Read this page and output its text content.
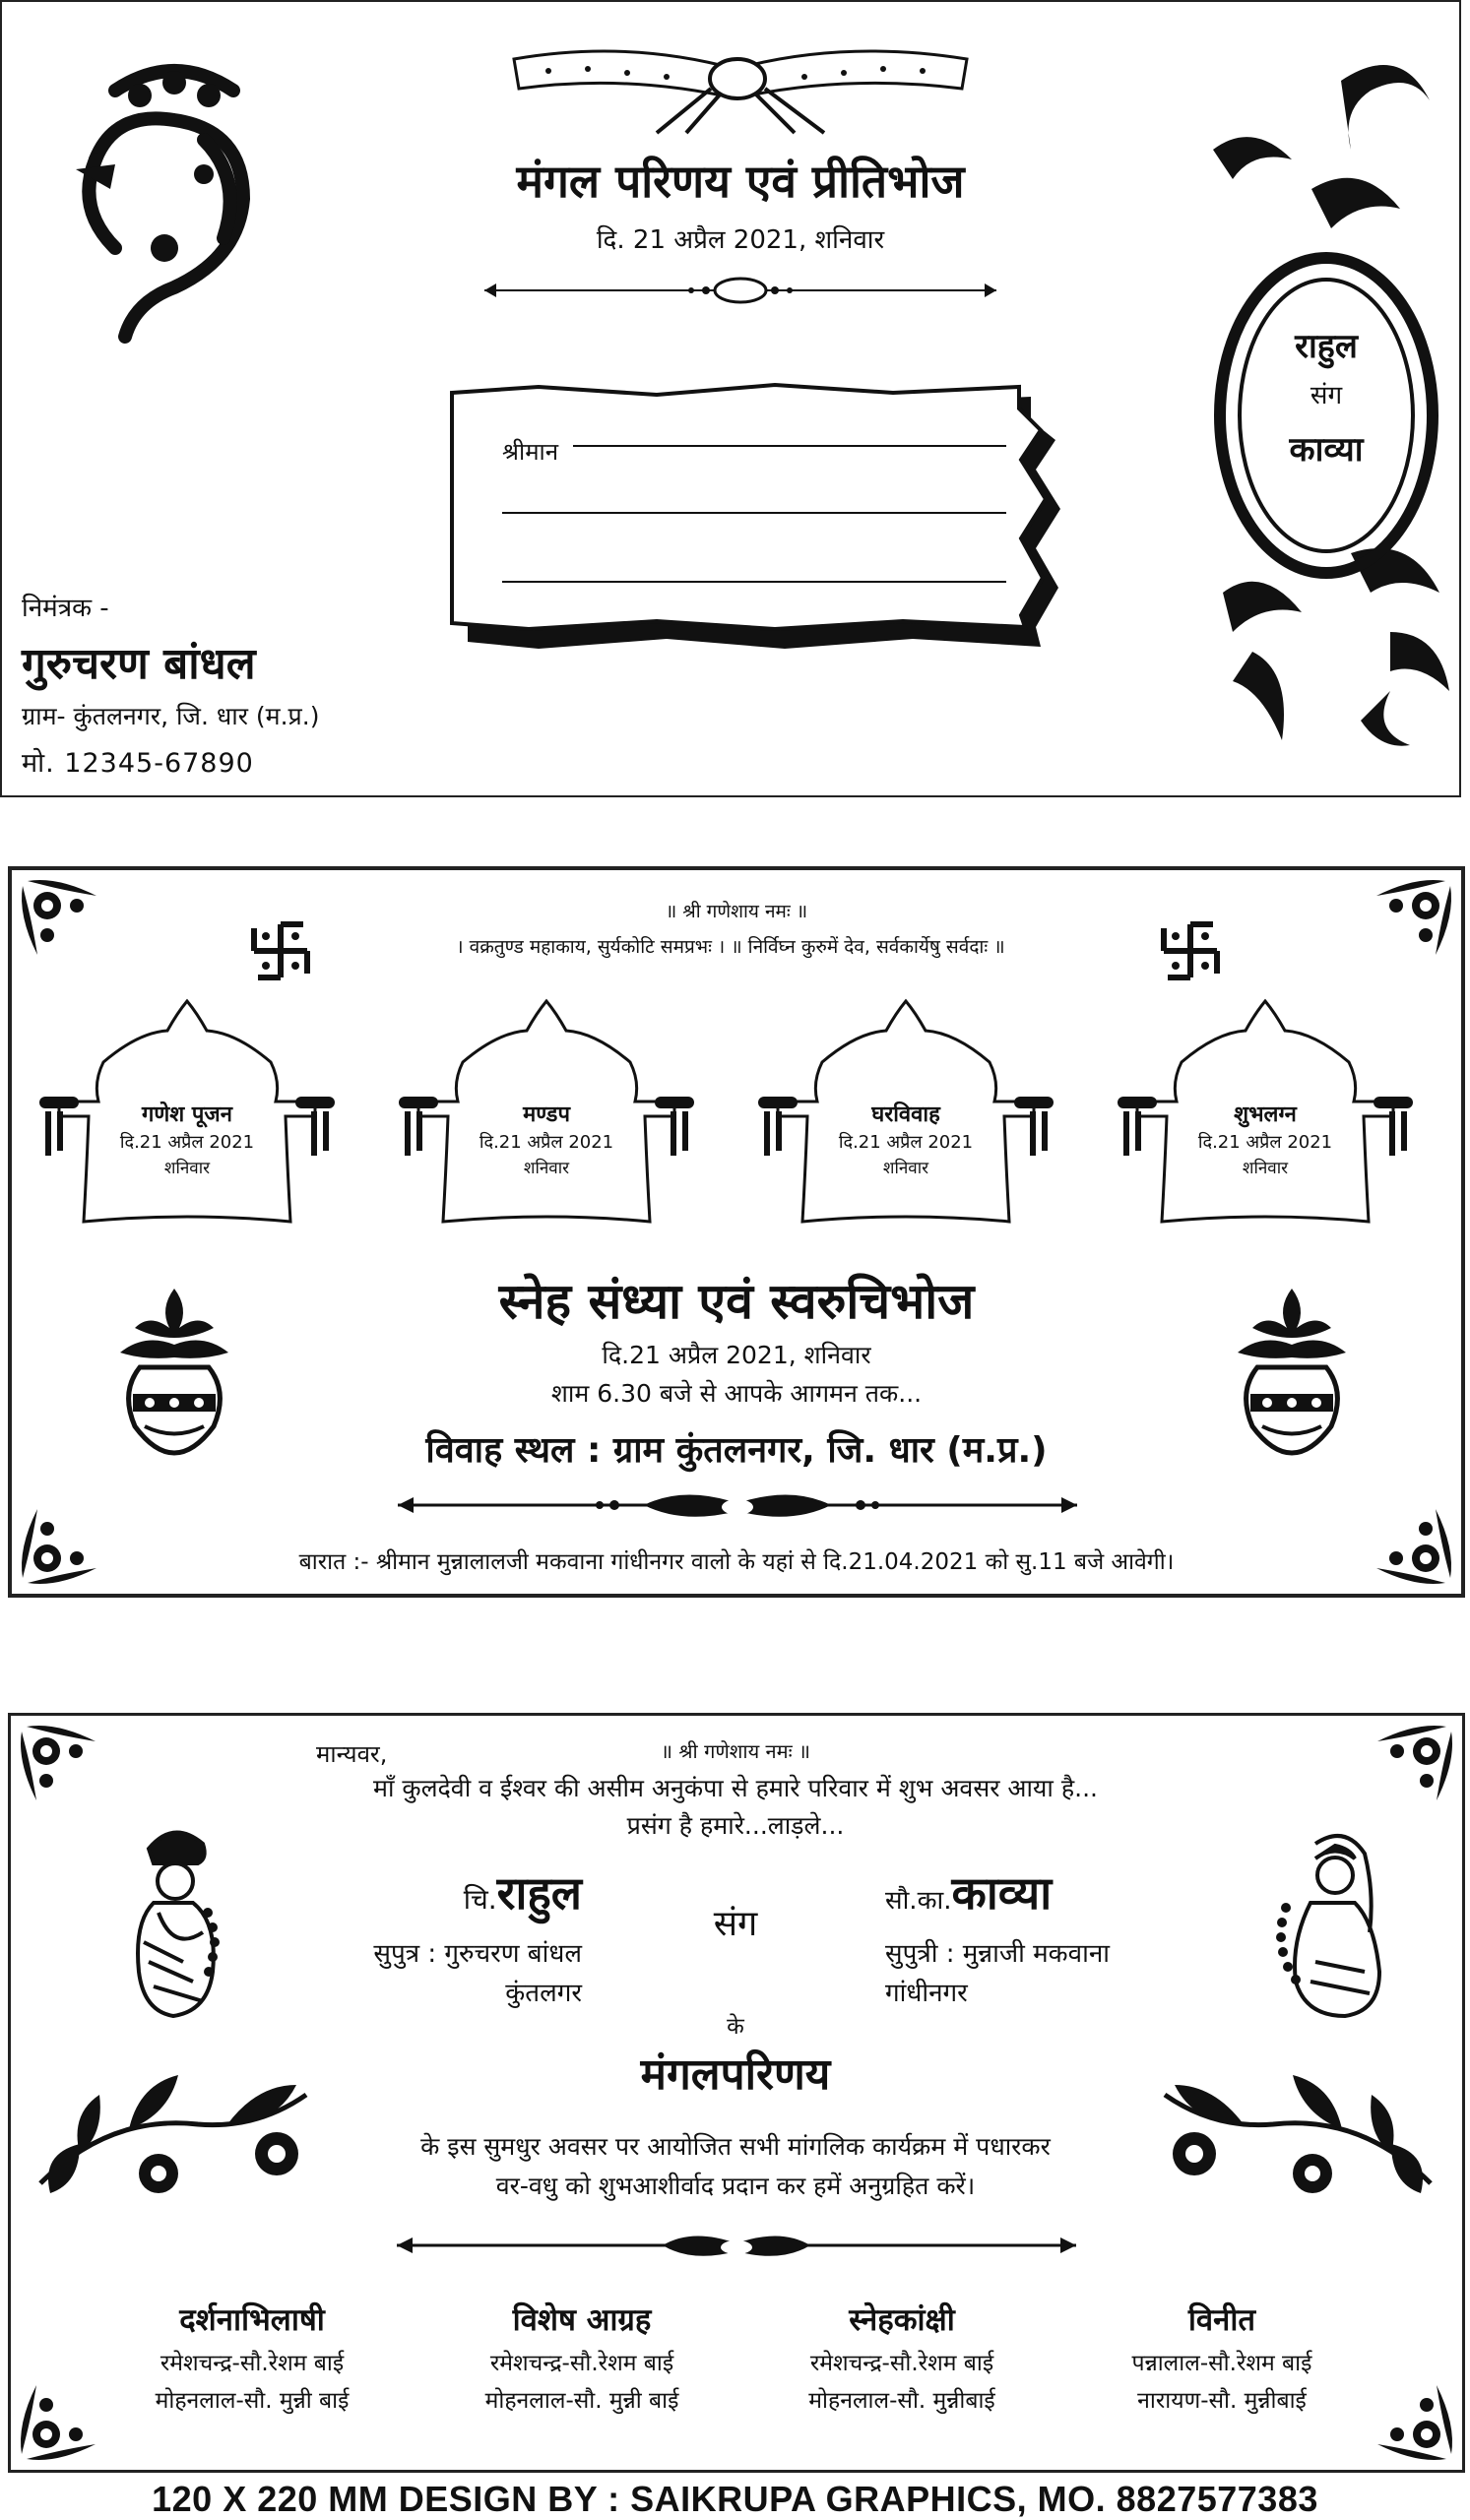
मंगल परिणय एवं प्रीतिभोज
दि. 21 अप्रैल 2021, शनिवार
श्रीमान
राहुल
संग
काव्या
निमंत्रक -
गुरुचरण बांधल
ग्राम- कुंतलनगर, जि. धार (म.प्र.)
मो. 12345-67890
॥ श्री गणेशाय नमः ॥
। वक्रतुण्ड महाकाय, सुर्यकोटि समप्रभः । ॥ निर्विघ्न कुरुमें देव, सर्वकार्येषु सर्वदाः ॥
गणेश पूजन
दि.21 अप्रैल 2021
शनिवार
मण्डप
दि.21 अप्रैल 2021
शनिवार
घरविवाह
दि.21 अप्रैल 2021
शनिवार
शुभलग्न
दि.21 अप्रैल 2021
शनिवार
स्नेह संध्या एवं स्वरुचिभोज
दि.21 अप्रैल 2021, शनिवार
शाम 6.30 बजे से आपके आगमन तक...
विवाह स्थल : ग्राम कुंतलनगर, जि. धार (म.प्र.)
बारात :- श्रीमान मुन्नालालजी मकवाना गांधीनगर वालो के यहां से दि.21.04.2021 को सु.11 बजे आवेगी।
मान्यवर,	॥ श्री गणेशाय नमः ॥
माँ कुलदेवी व ईश्वर की असीम अनुकंपा से हमारे परिवार में शुभ अवसर आया है...
प्रसंग है हमारे...लाड़ले...
चि.राहुल
सुपुत्र : गुरुचरण बांधल
कुंतलगर
संग
सौ.का.काव्या
सुपुत्री : मुन्नाजी मकवाना
गांधीनगर
के
मंगलपरिणय
के इस सुमधुर अवसर पर आयोजित सभी मांगलिक कार्यक्रम में पधारकर
वर-वधु को शुभआशीर्वाद प्रदान कर हमें अनुग्रहित करें।
दर्शनाभिलाषी
रमेशचन्द्र-सौ.रेशम बाई
मोहनलाल-सौ. मुन्नी बाई
विशेष आग्रह
रमेशचन्द्र-सौ.रेशम बाई
मोहनलाल-सौ. मुन्नी बाई
स्नेहकांक्षी
रमेशचन्द्र-सौ.रेशम बाई
मोहनलाल-सौ. मुन्नीबाई
विनीत
पन्नालाल-सौ.रेशम बाई
नारायण-सौ. मुन्नीबाई
120 X 220 MM DESIGN BY : SAIKRUPA GRAPHICS, MO. 8827577383
